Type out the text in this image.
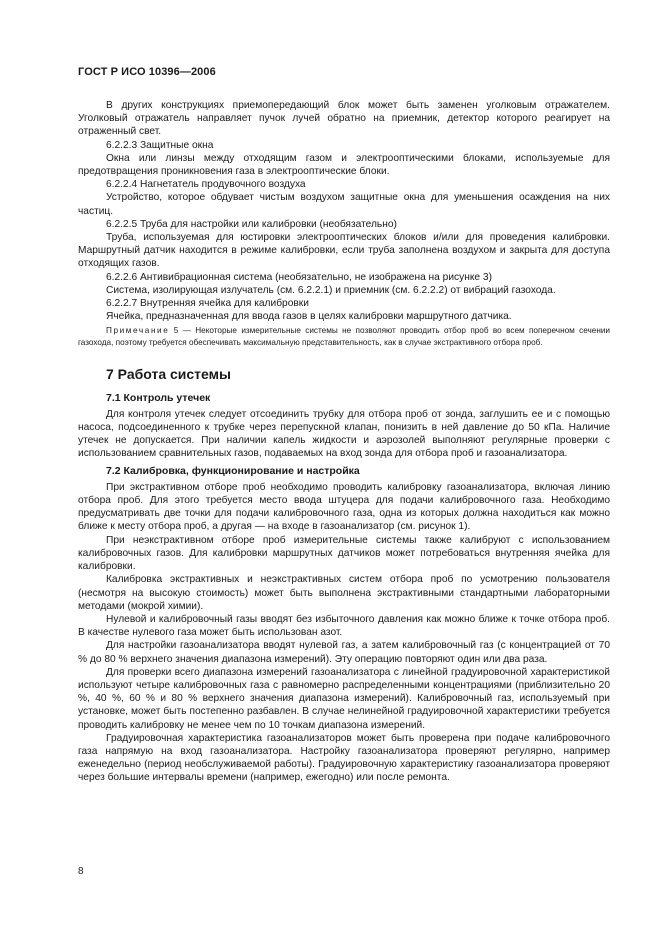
ГОСТ Р ИСО 10396—2006

В других конструкциях приемопередающий блок может быть заменен уголковым отражателем. Уголковый отражатель направляет пучок лучей обратно на приемник, детектор которого реагирует на отраженный свет.

6.2.2.3 Защитные окна

Окна или линзы между отходящим газом и электрооптическими блоками, используемые для предотвращения проникновения газа в электрооптические блоки.

6.2.2.4 Нагнетатель продувочного воздуха

Устройство, которое обдувает чистым воздухом защитные окна для уменьшения осаждения на них частиц.

6.2.2.5 Труба для настройки или калибровки (необязательно)

Труба, используемая для юстировки электрооптических блоков и/или для проведения калибровки. Маршрутный датчик находится в режиме калибровки, если труба заполнена воздухом и закрыта для доступа отходящих газов.

6.2.2.6 Антивибрационная система (необязательно, не изображена на рисунке 3)

Система, изолирующая излучатель (см. 6.2.2.1) и приемник (см. 6.2.2.2) от вибраций газохода.

6.2.2.7 Внутренняя ячейка для калибровки

Ячейка, предназначенная для ввода газов в целях калибровки маршрутного датчика.

Примечание 5 — Некоторые измерительные системы не позволяют проводить отбор проб во всем поперечном сечении газохода, поэтому требуется обеспечивать максимальную представительность, как в случае экстрактивного отбора проб.

7 Работа системы
7.1 Контроль утечек

Для контроля утечек следует отсоединить трубку для отбора проб от зонда, заглушить ее и с помощью насоса, подсоединенного к трубке через перепускной клапан, понизить в ней давление до 50 кПа. Наличие утечек не допускается. При наличии капель жидкости и аэрозолей выполняют регулярные проверки с использованием сравнительных газов, подаваемых на вход зонда для отбора проб и газоанализатора.

7.2 Калибровка, функционирование и настройка

При экстрактивном отборе проб необходимо проводить калибровку газоанализатора, включая линию отбора проб. Для этого требуется место ввода штуцера для подачи калибровочного газа. Необходимо предусматривать две точки для подачи калибровочного газа, одна из которых должна находиться как можно ближе к месту отбора проб, а другая — на входе в газоанализатор (см. рисунок 1).

При неэкстрактивном отборе проб измерительные системы также калибруют с использованием калибровочных газов. Для калибровки маршрутных датчиков может потребоваться внутренняя ячейка для калибровки.

Калибровка экстрактивных и неэкстрактивных систем отбора проб по усмотрению пользователя (несмотря на высокую стоимость) может быть выполнена экстрактивными стандартными лабораторными методами (мокрой химии).

Нулевой и калибровочный газы вводят без избыточного давления как можно ближе к точке отбора проб. В качестве нулевого газа может быть использован азот.

Для настройки газоанализатора вводят нулевой газ, а затем калибровочный газ (с концентрацией от 70 % до 80 % верхнего значения диапазона измерений). Эту операцию повторяют один или два раза.

Для проверки всего диапазона измерений газоанализатора с линейной градуировочной характеристикой используют четыре калибровочных газа с равномерно распределенными концентрациями (приблизительно 20 %, 40 %, 60 % и 80 % верхнего значения диапазона измерений). Калибровочный газ, используемый при установке, может быть постепенно разбавлен. В случае нелинейной градуировочной характеристики требуется проводить калибровку не менее чем по 10 точкам диапазона измерений.

Градуировочная характеристика газоанализаторов может быть проверена при подаче калибровочного газа напрямую на вход газоанализатора. Настройку газоанализатора проверяют регулярно, например еженедельно (период необслуживаемой работы). Градуировочную характеристику газоанализатора проверяют через большие интервалы времени (например, ежегодно) или после ремонта.

8
